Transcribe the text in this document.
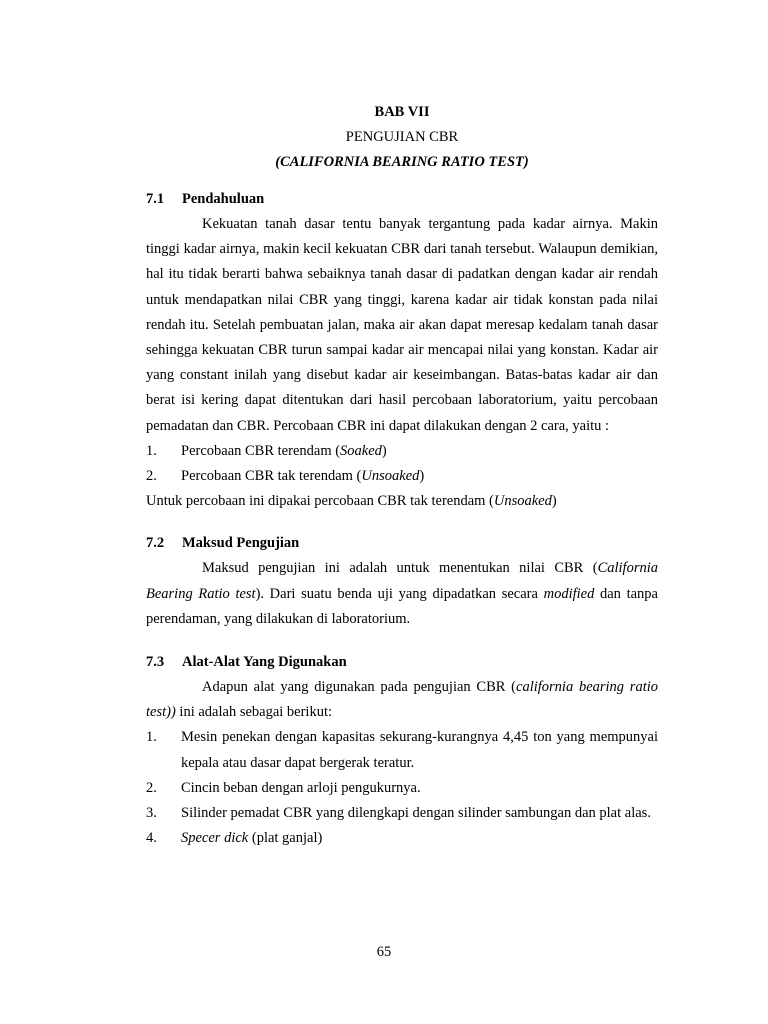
BAB VII
PENGUJIAN CBR
(CALIFORNIA BEARING RATIO TEST)
7.1 Pendahuluan

Kekuatan tanah dasar tentu banyak tergantung pada kadar airnya. Makin tinggi kadar airnya, makin kecil kekuatan CBR dari tanah tersebut. Walaupun demikian, hal itu tidak berarti bahwa sebaiknya tanah dasar di padatkan dengan kadar air rendah untuk mendapatkan nilai CBR yang tinggi, karena kadar air tidak konstan pada nilai rendah itu. Setelah pembuatan jalan, maka air akan dapat meresap kedalam tanah dasar sehingga kekuatan CBR turun sampai kadar air mencapai nilai yang konstan. Kadar air yang constant inilah yang disebut kadar air keseimbangan. Batas-batas kadar air dan berat isi kering dapat ditentukan dari hasil percobaan laboratorium, yaitu percobaan pemadatan dan CBR. Percobaan CBR ini dapat dilakukan dengan 2 cara, yaitu :

1. Percobaan CBR terendam (Soaked)
2. Percobaan CBR tak terendam (Unsoaked)

Untuk percobaan ini dipakai percobaan CBR tak terendam (Unsoaked)

7.2 Maksud Pengujian

Maksud pengujian ini adalah untuk menentukan nilai CBR (California Bearing Ratio test). Dari suatu benda uji yang dipadatkan secara modified dan tanpa perendaman, yang dilakukan di laboratorium.

7.3 Alat-Alat Yang Digunakan

Adapun alat yang digunakan pada pengujian CBR (california bearing ratio test)) ini adalah sebagai berikut:

1. Mesin penekan dengan kapasitas sekurang-kurangnya 4,45 ton yang mempunyai kepala atau dasar dapat bergerak teratur.
2. Cincin beban dengan arloji pengukurnya.
3. Silinder pemadat CBR yang dilengkapi dengan silinder sambungan dan plat alas.
4. Specer dick (plat ganjal)
65
